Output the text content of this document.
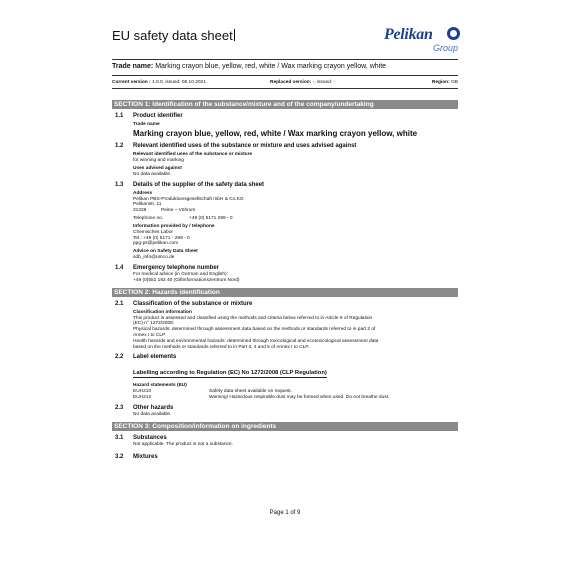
EU safety data sheet	Pelikan
Group
Trade name: Marking crayon blue, yellow, red, white / Wax marking crayon yellow, white
Current version : 1.0.0, issued: 06.10.2021	Replaced version: -, issued: -	Region: GB
SECTION 1: Identification of the substance/mixture and of the company/undertaking
1.1 Product identifier
Trade name
Marking crayon blue, yellow, red, white / Wax marking crayon yellow, white
1.2 Relevant identified uses of the substance or mixture and uses advised against
Relevant identified uses of the substance or mixture
for winning and marking
Uses advised against
No data available.
1.3 Details of the supplier of the safety data sheet
Address
Pelikan PBS-Produktionsgesellschaft mbH & Co.KG
Pelikanstr. 11
31228	Peine – Vöhrum
Telephone no.	+49 (0) 5171 299 - 0
Information provided by / telephone
Chemisches Labor
Tel.: +49 (0) 5171 - 299 - 0
ppg-ps@pelikan.com
Advice on Safety Data Sheet
sdb_info@umco.de
1.4 Emergency telephone number
For medical advice (in German and English):
+49 (0)551 192 40 (Giftinformationszentrum Nord)
SECTION 2: Hazards identification
2.1 Classification of the substance or mixture
Classification information
This product is assessed and classified using the methods and criteria below referred to in Article 9 of Regulation
(EC) n° 1272/2008:
Physical hazards: determined through assessment data based on the methods or standards referred to in part 2 of
Annex I to CLP
Health hazards and environmental hazards: determined through toxicological and ecotoxicological assessment data
based on the methods or standards referred to in Part 3, 4 and 5 of Annex I to CLP.
2.2 Label elements
Labelling according to Regulation (EC) No 1272/2008 (CLP Regulation)
Hazard statements (EU)
EUH210	Safety data sheet available on request.
EUH212	Warning! Hazardous respirable dust may be formed when used. Do not breathe dust.
2.3 Other hazards
No data available.
SECTION 3: Composition/information on ingredients
3.1 Substances
Not applicable. The product is not a substance.
3.2 Mixtures
Page 1 of 9
